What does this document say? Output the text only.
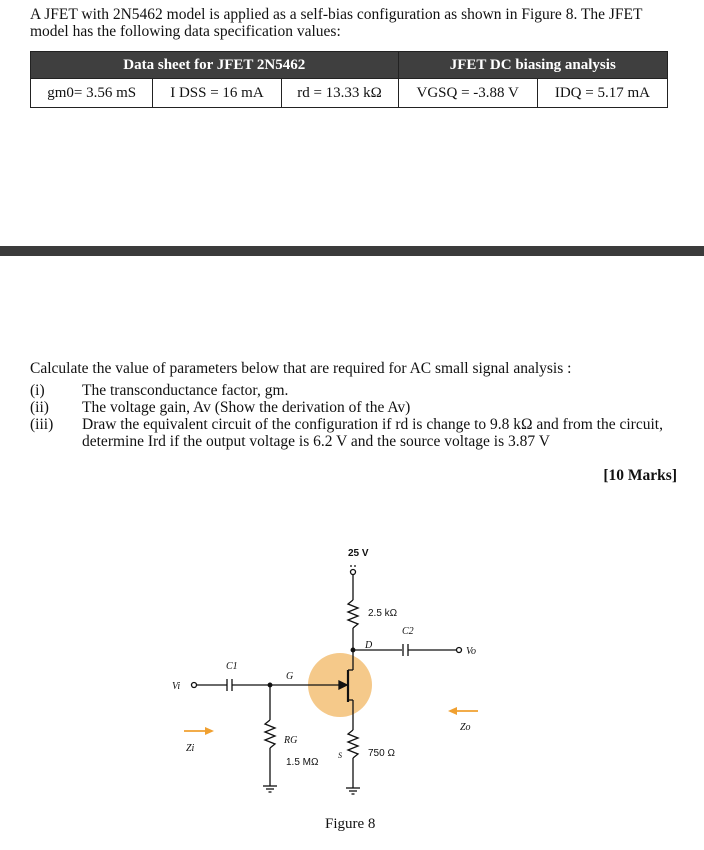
A JFET with 2N5462 model is applied as a self-bias configuration as shown in Figure 8. The JFET model has the following data specification values:
Data sheet for JFET 2N5462			JFET DC biasing analysis	
gm0= 3.56 mS	I DSS = 16 mA	rd = 13.33 kΩ	VGSQ = -3.88 V	IDQ = 5.17 mA
Calculate the value of parameters below that are required for AC small signal analysis :
(i)	The transconductance factor, gm.
(ii)	The voltage gain, Av (Show the derivation of the Av)
(iii)	Draw the equivalent circuit of the configuration if rd is change to 9.8 kΩ and from the circuit, determine Ird if the output voltage is 6.2 V and the source voltage is 3.87 V
[10 Marks]
25 V
2.5 kΩ
D
C2
Vo
G
Vi
C1
RG
1.5 MΩ
S	750 Ω
Zi
Zo
Figure 8
